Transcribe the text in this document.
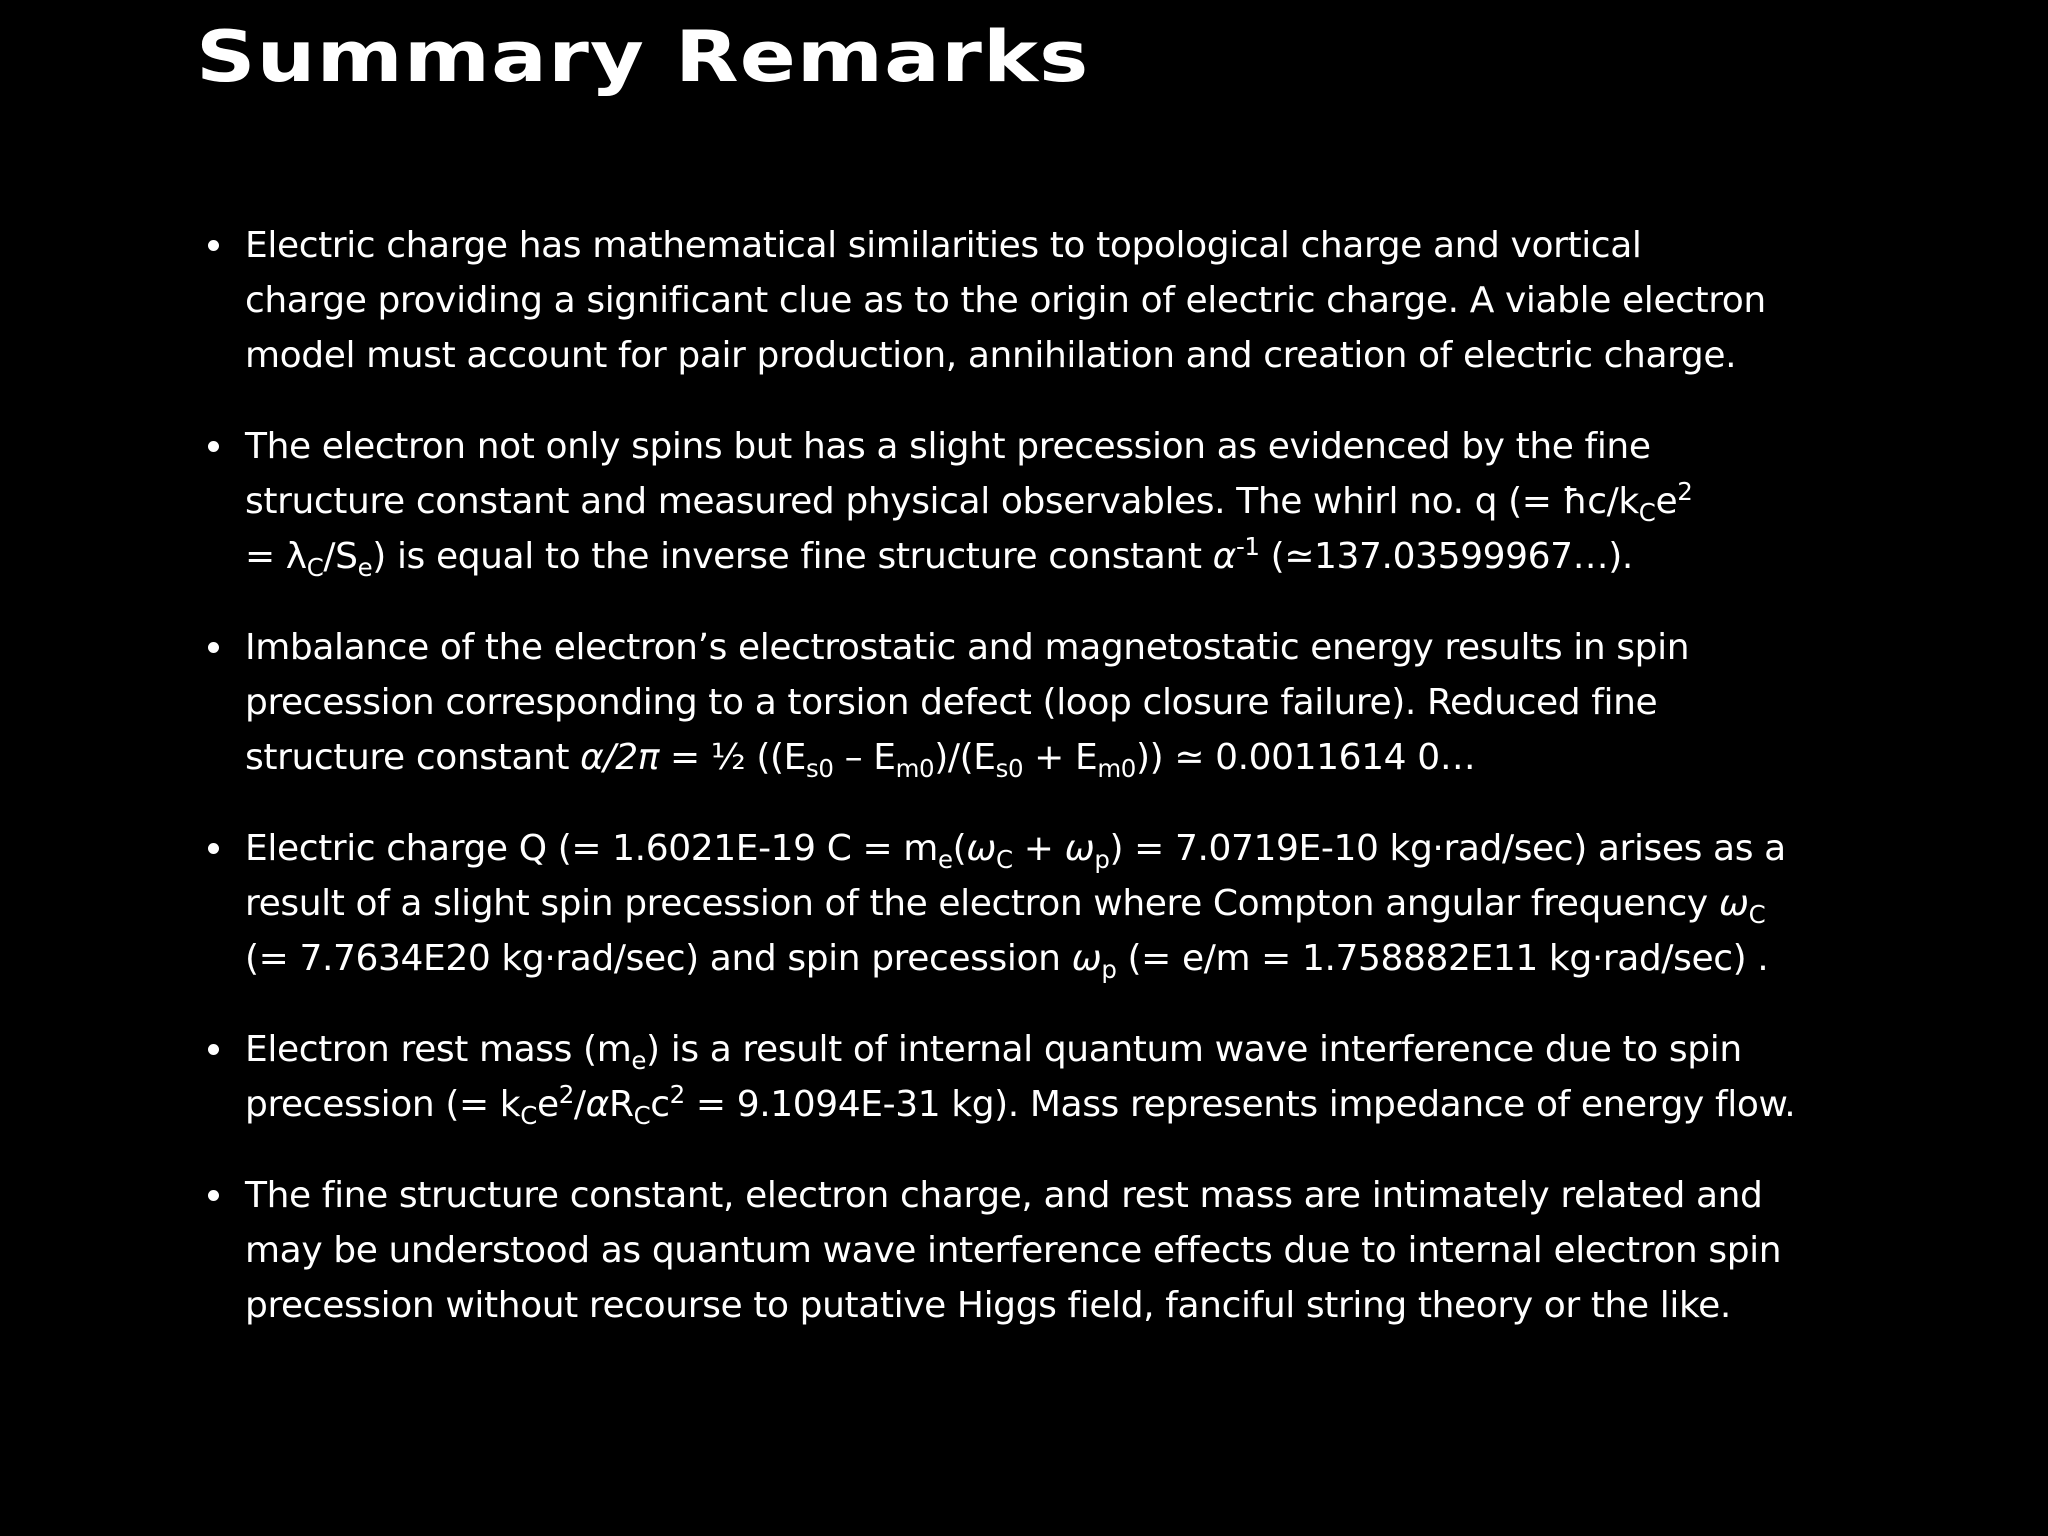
Summary Remarks
Electric charge has mathematical similarities to topological charge and vortical
charge providing a significant clue as to the origin of electric charge. A viable electron
model must account for pair production, annihilation and creation of electric charge.
The electron not only spins but has a slight precession as evidenced by the fine
structure constant and measured physical observables. The whirl no. q (= $ħc/k_Ce^2$
= $\lambda_C/S_e$) is equal to the inverse fine structure constant $\alpha^{-1}$ (≃137.03599967…).
Imbalance of the electron’s electrostatic and magnetostatic energy results in spin
precession corresponding to a torsion defect (loop closure failure). Reduced fine
structure constant α/2π = ½ $((E_{s0} - E_{m0})/(E_{s0} + E_{m0}))$ ≃ 0.0011614 0…
Electric charge Q (= 1.6021E-19 $C = m_e(\omega_C + \omega_p) = 7.0719E-10$ kg·rad/sec) arises as a
result of a slight spin precession of the electron where Compton angular frequency $\omega_C$
(= 7.7634E20 kg·rad/sec) and spin precession $\omega_p$ (= e/m = 1.758882E11 kg·rad/sec) .
Electron rest mass $(m_e)$ is a result of internal quantum wave interference due to spin
precession (= $k_Ce^2/\alpha R_Cc^2 = 9.1094E-31$ kg). Mass represents impedance of energy flow.
The fine structure constant, electron charge, and rest mass are intimately related and
may be understood as quantum wave interference effects due to internal electron spin
precession without recourse to putative Higgs field, fanciful string theory or the like.
